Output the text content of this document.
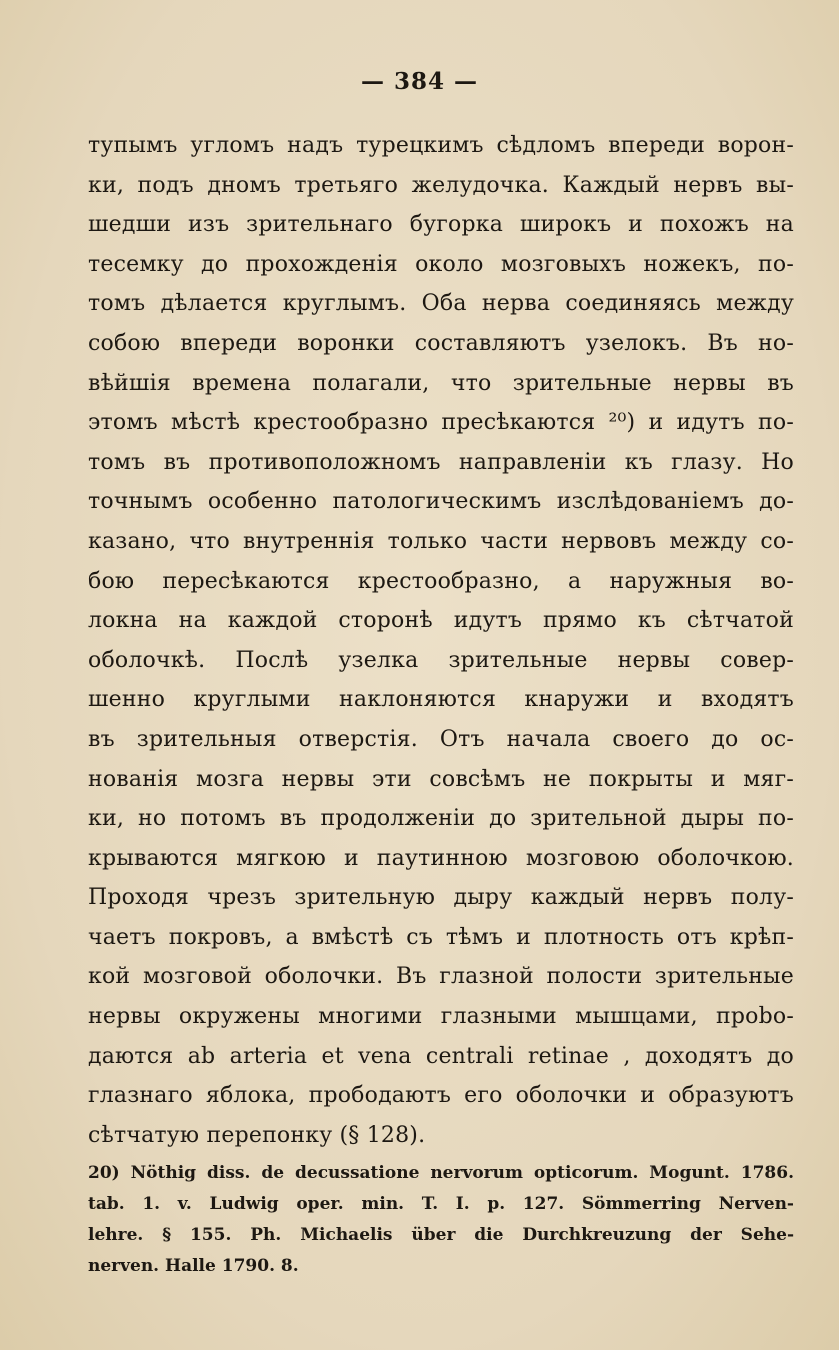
— 384 —
тупымъ угломъ надъ турецкимъ сѣдломъ впереди ворон-
ки, подъ дномъ третьяго желудочка. Каждый нервъ вы-
шедши изъ зрительнаго бугорка широкъ и похожъ на
тесемку до прохожденія около мозговыхъ ножекъ, по-
томъ дѣлается круглымъ. Оба нерва соединяясь между
собою впереди воронки составляютъ узелокъ. Въ но-
вѣйшія времена полагали, что зрительные нервы въ
этомъ мѣстѣ крестообразно пресѣкаются ²⁰) и идутъ по-
томъ въ противоположномъ направленіи къ глазу. Но
точнымъ особенно патологическимъ изслѣдованіемъ до-
казано, что внутреннія только части нервовъ между со-
бою пересѣкаются крестообразно, а наружныя во-
локна на каждой сторонѣ идутъ прямо къ сѣтчатой
оболочкѣ. Послѣ узелка зрительные нервы совер-
шенно круглыми наклоняются кнаружи и входятъ
въ зрительныя отверстія. Отъ начала своего до ос-
нованія мозга нервы эти совсѣмъ не покрыты и мяг-
ки, но потомъ въ продолженіи до зрительной дыры по-
крываются мягкою и паутинною мозговою оболочкою.
Проходя чрезъ зрительную дыру каждый нервъ полу-
чаетъ покровъ, а вмѣстѣ съ тѣмъ и плотность отъ крѣп-
кой мозговой оболочки. Въ глазной полости зрительные
нервы окружены многими глазными мышцами, прobo-
даются ab arteria et vena centrali retinae , доходятъ до
глазнаго яблока, прободаютъ его оболочки и образуютъ
сѣтчатую перепонку (§ 128).
20) Nöthig diss. de decussatione nervorum opticorum. Mogunt. 1786.
tab. 1. v. Ludwig oper. min. T. I. p. 127. Sömmerring Nerven-
lehre. § 155. Ph. Michaelis über die Durchkreuzung der Sehe-
nerven. Halle 1790. 8.
